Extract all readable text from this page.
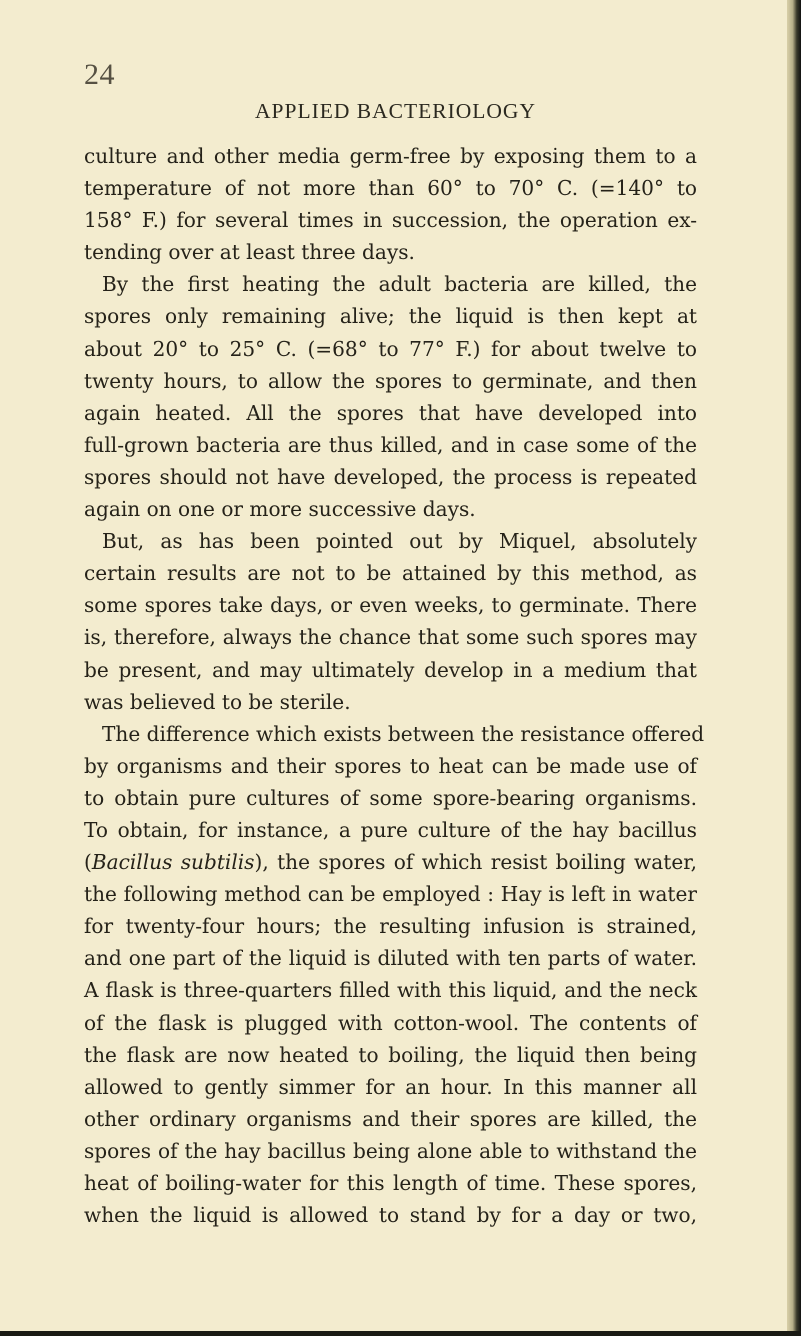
24
APPLIED BACTERIOLOGY
culture and other media germ-free by exposing them to a
temperature of not more than 60° to 70° C. (=140° to
158° F.) for several times in succession, the operation ex-
tending over at least three days.
By the first heating the adult bacteria are killed, the
spores only remaining alive; the liquid is then kept at
about 20° to 25° C. (=68° to 77° F.) for about twelve to
twenty hours, to allow the spores to germinate, and then
again heated. All the spores that have developed into
full-grown bacteria are thus killed, and in case some of the
spores should not have developed, the process is repeated
again on one or more successive days.
But, as has been pointed out by Miquel, absolutely
certain results are not to be attained by this method, as
some spores take days, or even weeks, to germinate. There
is, therefore, always the chance that some such spores may
be present, and may ultimately develop in a medium that
was believed to be sterile.
The difference which exists between the resistance offered
by organisms and their spores to heat can be made use of
to obtain pure cultures of some spore-bearing organisms.
To obtain, for instance, a pure culture of the hay bacillus
(Bacillus subtilis), the spores of which resist boiling water,
the following method can be employed : Hay is left in water
for twenty-four hours; the resulting infusion is strained,
and one part of the liquid is diluted with ten parts of water.
A flask is three-quarters filled with this liquid, and the neck
of the flask is plugged with cotton-wool. The contents of
the flask are now heated to boiling, the liquid then being
allowed to gently simmer for an hour. In this manner all
other ordinary organisms and their spores are killed, the
spores of the hay bacillus being alone able to withstand the
heat of boiling-water for this length of time. These spores,
when the liquid is allowed to stand by for a day or two,
